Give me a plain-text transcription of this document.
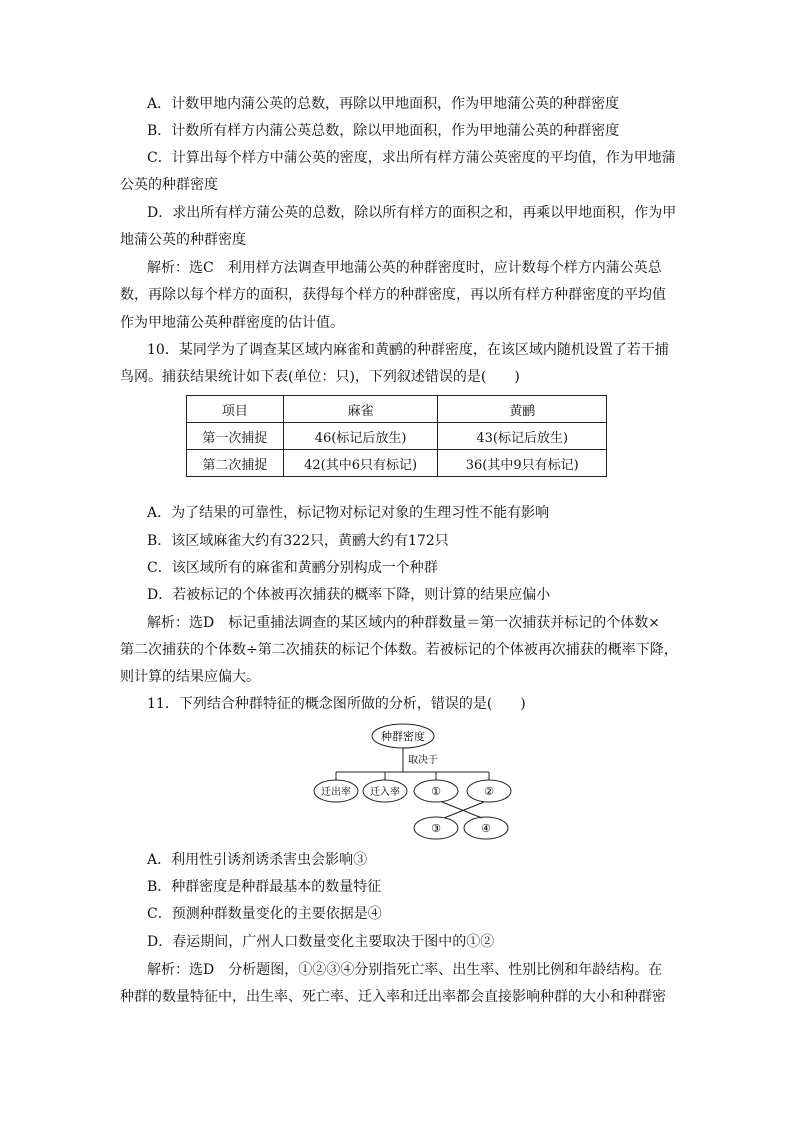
A．计数甲地内蒲公英的总数，再除以甲地面积，作为甲地蒲公英的种群密度
B．计数所有样方内蒲公英总数，除以甲地面积，作为甲地蒲公英的种群密度
C．计算出每个样方中蒲公英的密度，求出所有样方蒲公英密度的平均值，作为甲地蒲
公英的种群密度
D．求出所有样方蒲公英的总数，除以所有样方的面积之和，再乘以甲地面积，作为甲
地蒲公英的种群密度
解析：选C　利用样方法调查甲地蒲公英的种群密度时，应计数每个样方内蒲公英总
数，再除以每个样方的面积，获得每个样方的种群密度，再以所有样方种群密度的平均值
作为甲地蒲公英种群密度的估计值。
10．某同学为了调查某区域内麻雀和黄鹂的种群密度，在该区域内随机设置了若干捕
鸟网。捕获结果统计如下表(单位：只)，下列叙述错误的是(　　)
项目	麻雀	黄鹂
第一次捕捉	46(标记后放生)	43(标记后放生)
第二次捕捉	42(其中6只有标记)	36(其中9只有标记)
A．为了结果的可靠性，标记物对标记对象的生理习性不能有影响
B．该区域麻雀大约有322只，黄鹂大约有172只
C．该区域所有的麻雀和黄鹂分别构成一个种群
D．若被标记的个体被再次捕获的概率下降，则计算的结果应偏小
解析：选D　标记重捕法调查的某区域内的种群数量＝第一次捕获并标记的个体数×
第二次捕获的个体数÷第二次捕获的标记个体数。若被标记的个体被再次捕获的概率下降，
则计算的结果应偏大。
11．下列结合种群特征的概念图所做的分析，错误的是(　　)
种群密度
取决于
迁出率 迁入率	①	②
③	④
A．利用性引诱剂诱杀害虫会影响③
B．种群密度是种群最基本的数量特征
C．预测种群数量变化的主要依据是④
D．春运期间，广州人口数量变化主要取决于图中的①②
解析：选D　分析题图，①②③④分别指死亡率、出生率、性别比例和年龄结构。在
种群的数量特征中，出生率、死亡率、迁入率和迁出率都会直接影响种群的大小和种群密
